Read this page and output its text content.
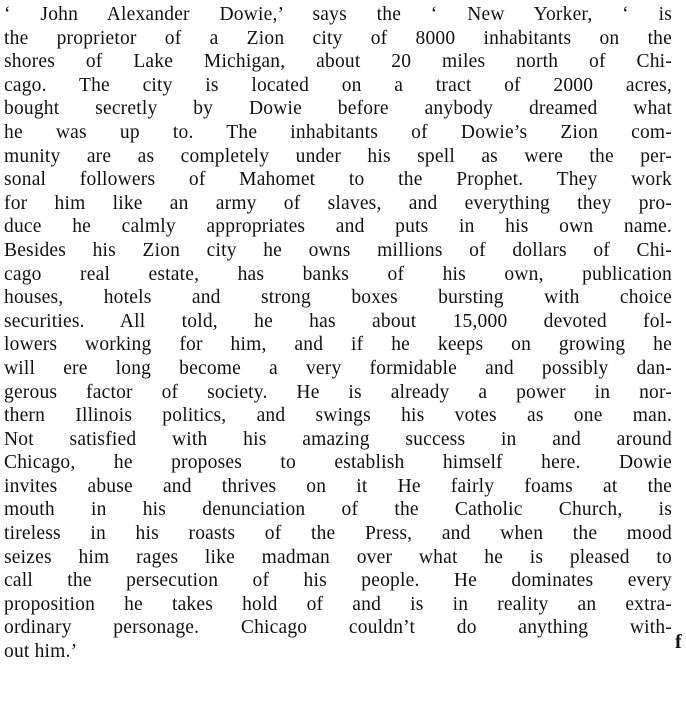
‘ John Alexander Dowie,’ says the ‘ New Yorker, ‘ is
the proprietor of a Zion city of 8000 inhabitants on the
shores of Lake Michigan, about 20 miles north of Chi-
cago. The city is located on a tract of 2000 acres,
bought secretly by Dowie before anybody dreamed what
he was up to. The inhabitants of Dowie’s Zion com-
munity are as completely under his spell as were the per-
sonal followers of Mahomet to the Prophet. They work
for him like an army of slaves, and everything they pro-
duce he calmly appropriates and puts in his own name.
Besides his Zion city he owns millions of dollars of Chi-
cago real estate, has banks of his own, publication
houses, hotels and strong boxes bursting with choice
securities. All told, he has about 15,000 devoted fol-
lowers working for him, and if he keeps on growing he
will ere long become a very formidable and possibly dan-
gerous factor of society. He is already a power in nor-
thern Illinois politics, and swings his votes as one man.
Not satisfied with his amazing success in and around
Chicago, he proposes to establish himself here. Dowie
invites abuse and thrives on it He fairly foams at the
mouth in his denunciation of the Catholic Church, is
tireless in his roasts of the Press, and when the mood
seizes him rages like madman over what he is pleased to
call the persecution of his people. He dominates every
proposition he takes hold of and is in reality an extra-
ordinary personage. Chicago couldn’t do anything with-
out him.’	f
